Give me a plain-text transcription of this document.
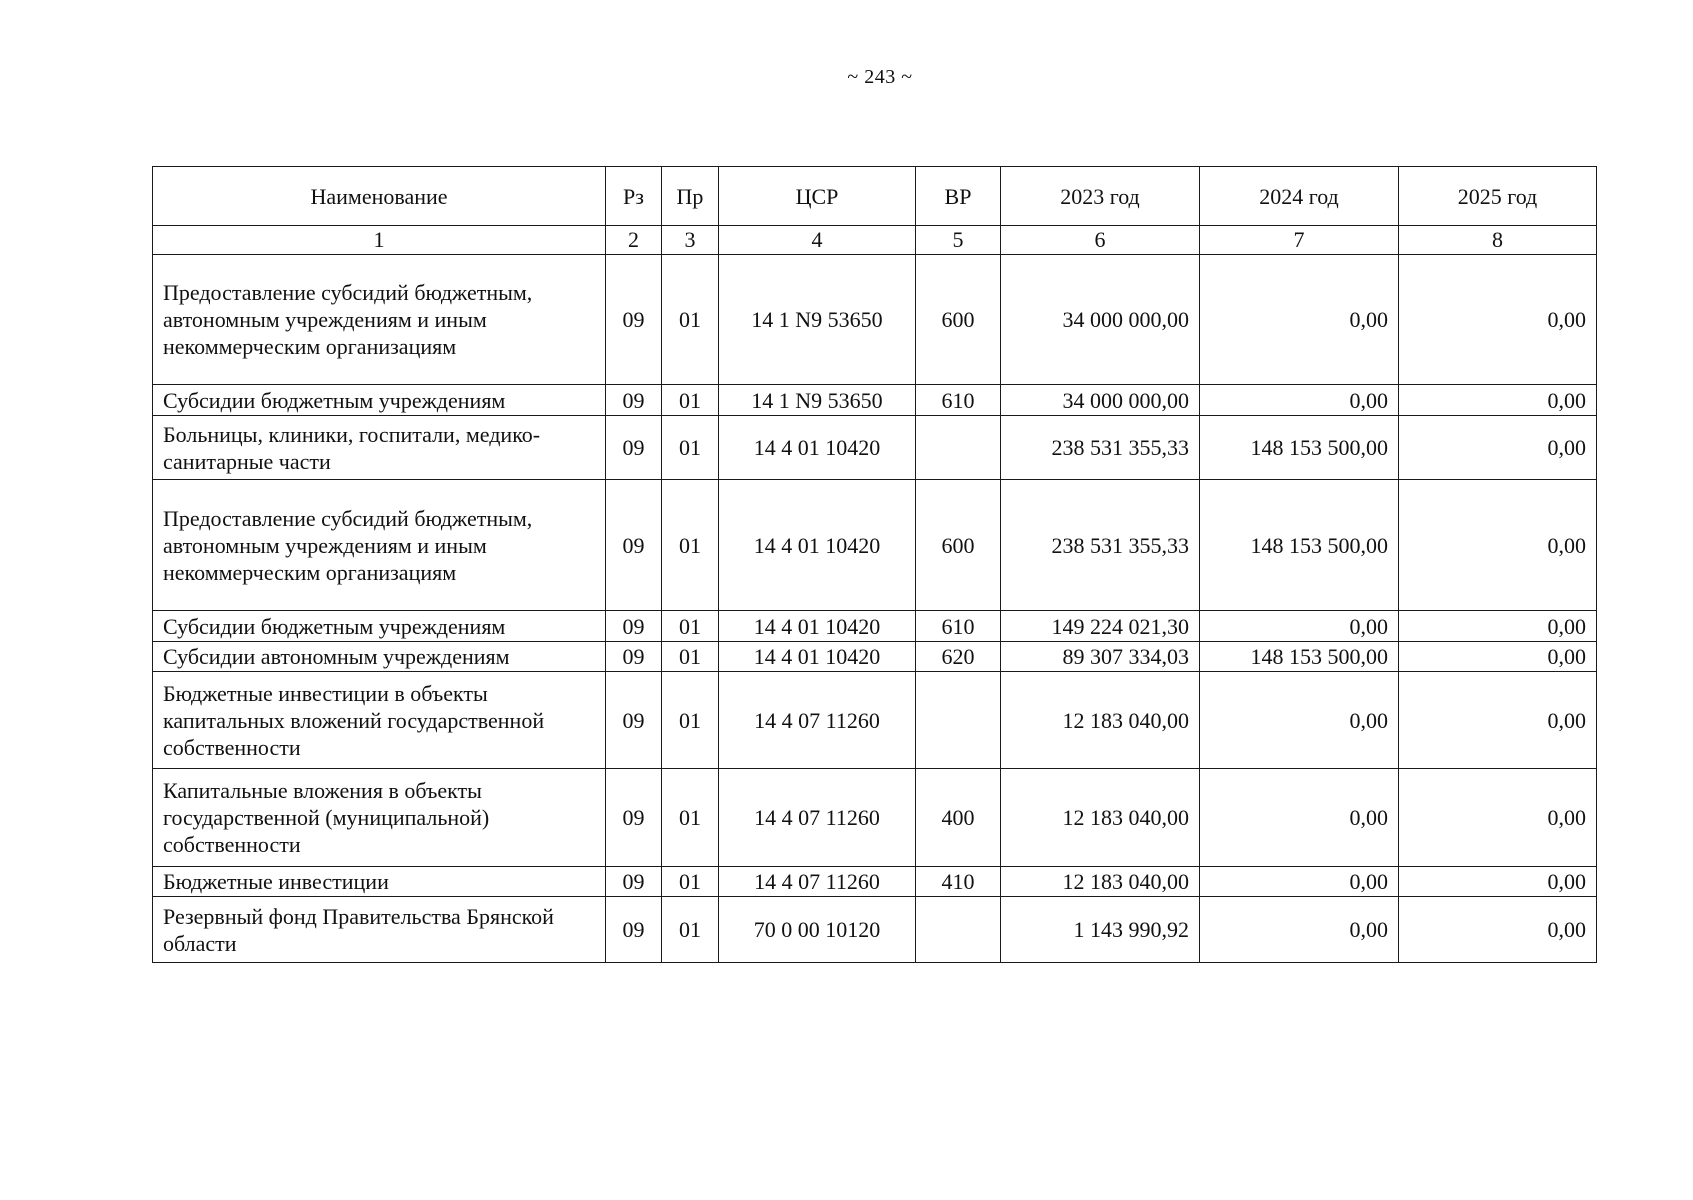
~ 243 ~
Наименование	Рз	Пр	ЦСР	ВР	2023 год	2024 год	2025 год
1	2	3	4	5	6	7	8
Предоставление субсидий бюджетным, автономным учреждениям и иным некоммерческим организациям	09	01	14 1 N9 53650	600	34 000 000,00	0,00	0,00
Субсидии бюджетным учреждениям	09	01	14 1 N9 53650	610	34 000 000,00	0,00	0,00
Больницы, клиники, госпитали, медико-санитарные части	09	01	14 4 01 10420		238 531 355,33	148 153 500,00	0,00
Предоставление субсидий бюджетным, автономным учреждениям и иным некоммерческим организациям	09	01	14 4 01 10420	600	238 531 355,33	148 153 500,00	0,00
Субсидии бюджетным учреждениям	09	01	14 4 01 10420	610	149 224 021,30	0,00	0,00
Субсидии автономным учреждениям	09	01	14 4 01 10420	620	89 307 334,03	148 153 500,00	0,00
Бюджетные инвестиции в объекты капитальных вложений государственной собственности	09	01	14 4 07 11260		12 183 040,00	0,00	0,00
Капитальные вложения в объекты государственной (муниципальной) собственности	09	01	14 4 07 11260	400	12 183 040,00	0,00	0,00
Бюджетные инвестиции	09	01	14 4 07 11260	410	12 183 040,00	0,00	0,00
Резервный фонд Правительства Брянской области	09	01	70 0 00 10120		1 143 990,92	0,00	0,00
